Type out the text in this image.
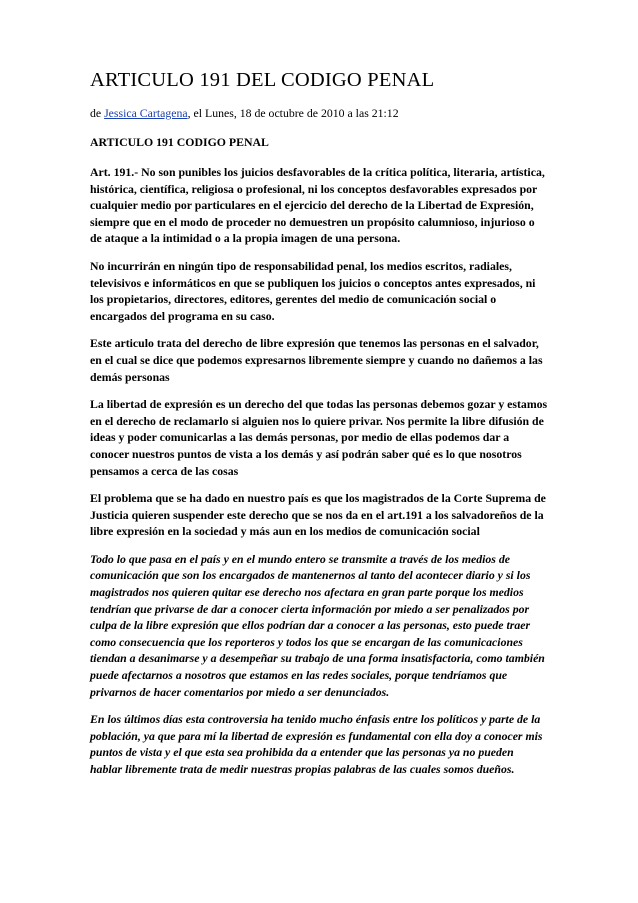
ARTICULO 191 DEL CODIGO PENAL
de Jessica Cartagena, el Lunes, 18 de octubre de 2010 a las 21:12
ARTICULO 191 CODIGO PENAL

Art. 191.- No son punibles los juicios desfavorables de la crítica política, literaria, artística, histórica, científica, religiosa o profesional, ni los conceptos desfavorables expresados por cualquier medio por particulares en el ejercicio del derecho de la Libertad de Expresión, siempre que en el modo de proceder no demuestren un propósito calumnioso, injurioso o de ataque a la intimidad o a la propia imagen de una persona.

No incurrirán en ningún tipo de responsabilidad penal, los medios escritos, radiales, televisivos e informáticos en que se publiquen los juicios o conceptos antes expresados, ni los propietarios, directores, editores, gerentes del medio de comunicación social o encargados del programa en su caso.

Este articulo trata del derecho de libre expresión que tenemos las personas en el salvador, en el cual se dice que podemos expresarnos libremente siempre y cuando no dañemos a las demás personas

La libertad de expresión es un derecho del que todas las personas debemos gozar y estamos en el derecho de reclamarlo si alguien nos lo quiere privar. Nos permite la libre difusión de ideas y poder comunicarlas a las demás personas, por medio de ellas podemos dar a conocer nuestros puntos de vista a los demás y así podrán saber qué es lo que nosotros pensamos a cerca de las cosas

El problema que se ha dado en nuestro país es que los magistrados de la Corte Suprema de Justicia quieren suspender este derecho que se nos da en el art.191 a los salvadoreños de la libre expresión en la sociedad y más aun en los medios de comunicación social

Todo lo que pasa en el país y en el mundo entero se transmite a través de los medios de comunicación que son los encargados de mantenernos al tanto del acontecer diario y si los magistrados nos quieren quitar ese derecho nos afectara en gran parte porque los medios tendrían que privarse de dar a conocer cierta información por miedo a ser penalizados por culpa de la libre expresión que ellos podrían dar a conocer a las personas, esto puede traer como consecuencia que los reporteros y todos los que se encargan de las comunicaciones tiendan a desanimarse y a desempeñar su trabajo de una forma insatisfactoria, como también puede afectarnos a nosotros que estamos en las redes sociales, porque tendríamos que privarnos de hacer comentarios por miedo a ser denunciados.

En los últimos días esta controversia ha tenido mucho énfasis entre los políticos y parte de la población, ya que para mí la libertad de expresión es fundamental con ella doy a conocer mis puntos de vista y el que esta sea prohibida da a entender que las personas ya no pueden hablar libremente trata de medir nuestras propias palabras de las cuales somos dueños.
